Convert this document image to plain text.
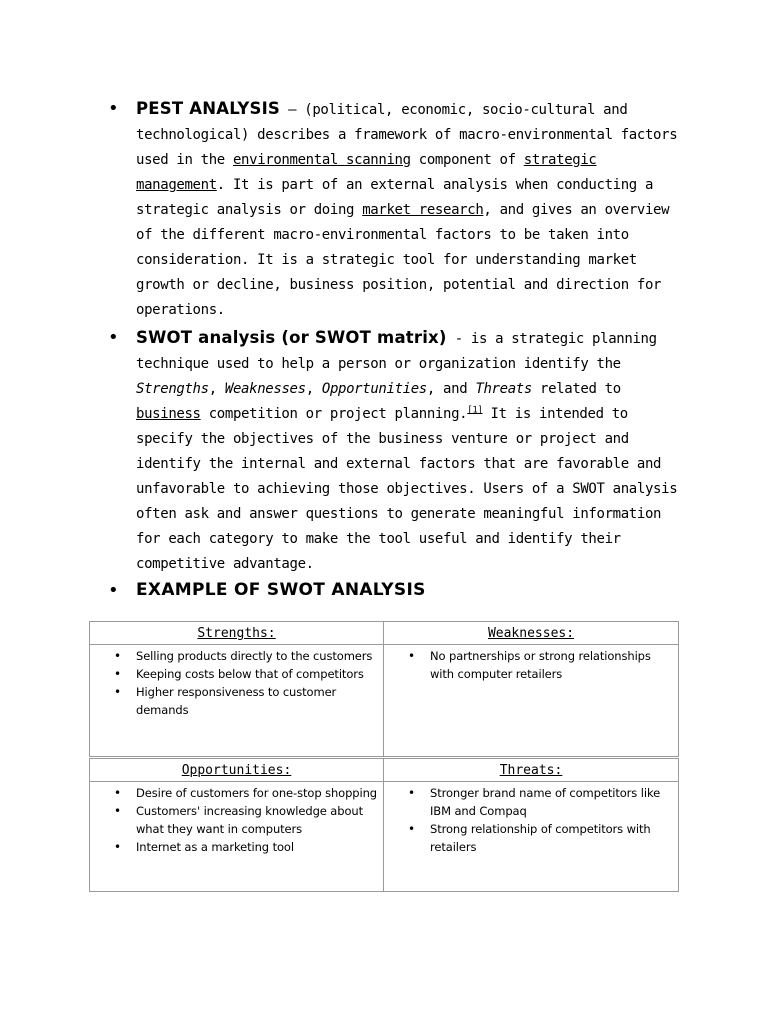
• PEST ANALYSIS – (political, economic, socio-cultural and technological) describes a framework of macro-environmental factors used in the environmental scanning component of strategic management. It is part of an external analysis when conducting a strategic analysis or doing market research, and gives an overview of the different macro-environmental factors to be taken into consideration. It is a strategic tool for understanding market growth or decline, business position, potential and direction for operations.
• SWOT analysis (or SWOT matrix) - is a strategic planning technique used to help a person or organization identify the Strengths, Weaknesses, Opportunities, and Threats related to business competition or project planning.[1] It is intended to specify the objectives of the business venture or project and identify the internal and external factors that are favorable and unfavorable to achieving those objectives. Users of a SWOT analysis often ask and answer questions to generate meaningful information for each category to make the tool useful and identify their competitive advantage.
• EXAMPLE OF SWOT ANALYSIS
Strengths:	Weaknesses:
• Selling products directly to the customers
• Keeping costs below that of competitors
• Higher responsiveness to customer demands
• No partnerships or strong relationships with computer retailers
Opportunities:	Threats:
• Desire of customers for one-stop shopping
• Customers' increasing knowledge about what they want in computers
• Internet as a marketing tool
• Stronger brand name of competitors like IBM and Compaq
• Strong relationship of competitors with retailers
